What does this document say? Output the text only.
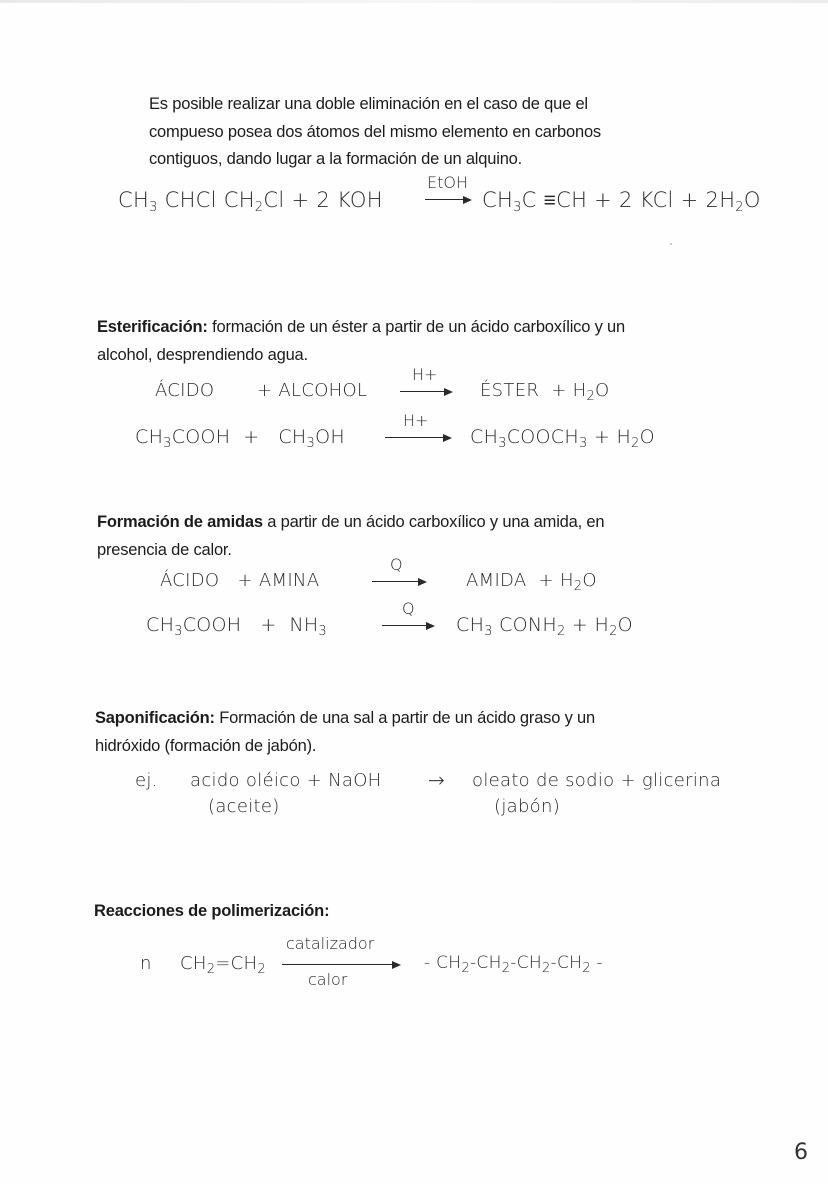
Es posible realizar una doble eliminación en el caso de que el
compueso posea dos átomos del mismo elemento en carbonos
contiguos, dando lugar a la formación de un alquino.
$CH_3$ CHCl $CH_2Cl + 2$ KOH
EtOH
$CH_3C \equiv CH + 2$ KCl + $2H_2O$
Esterificación: formación de un éster a partir de un ácido carboxílico y un
alcohol, desprendiendo agua.
ÁCIDO + ALCOHOL
H+
ÉSTER  + $H_2O$
$CH_3COOH + CH_3OH$
H+
$CH_3COOCH_3 + H_2O$
Formación de amidas a partir de un ácido carboxílico y una amida, en
presencia de calor.
ÁCIDO   + AMINA
Q
AMIDA  + $H_2O$
$CH_3COOH + NH_3$
Q
$CH_3$ $CONH_2 + H_2O$
Saponificación: Formación de una sal a partir de un ácido graso y un
hidróxido (formación de jabón).
ej. acido oléico + NaOH → oleato de sodio + glicerina
(aceite)	(jabón)
Reacciones de polimerización:
n $CH_2=CH_2$
catalizador
calor
- $CH_2-CH_2-CH_2-CH_2$ -
6
